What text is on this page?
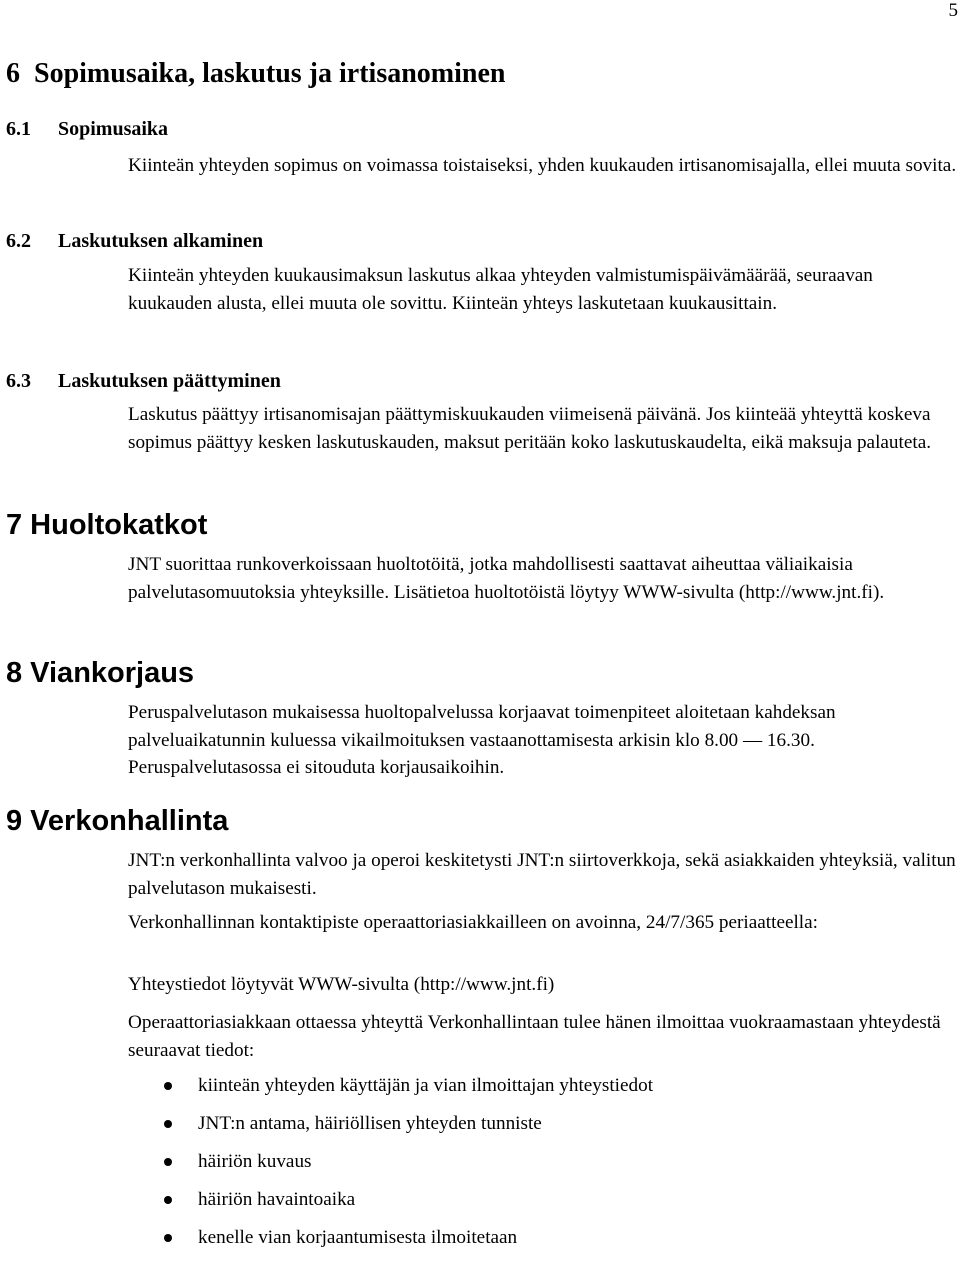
5
6 Sopimusaika, laskutus ja irtisanominen
6.1 Sopimusaika

Kiinteän yhteyden sopimus on voimassa toistaiseksi, yhden kuukauden irtisanomisajalla, ellei muuta sovita.

6.2 Laskutuksen alkaminen

Kiinteän yhteyden kuukausimaksun laskutus alkaa yhteyden valmistumispäivämäärää, seuraavan kuukauden alusta, ellei muuta ole sovittu. Kiinteän yhteys laskutetaan kuukausittain.

6.3 Laskutuksen päättyminen

Laskutus päättyy irtisanomisajan päättymiskuukauden viimeisenä päivänä. Jos kiinteää yhteyttä koskeva sopimus päättyy kesken laskutuskauden, maksut peritään koko laskutuskaudelta, eikä maksuja palauteta.

7 Huoltokatkot

JNT suorittaa runkoverkoissaan huoltotöitä, jotka mahdollisesti saattavat aiheuttaa väliaikaisia palvelutasomuutoksia yhteyksille. Lisätietoa huoltotöistä löytyy WWW-sivulta (http://www.jnt.fi).

8 Viankorjaus

Peruspalvelutason mukaisessa huoltopalvelussa korjaavat toimenpiteet aloitetaan kahdeksan palveluaikatunnin kuluessa vikailmoituksen vastaanottamisesta arkisin klo 8.00 — 16.30. Peruspalvelutasossa ei sitouduta korjausaikoihin.

9 Verkonhallinta

JNT:n verkonhallinta valvoo ja operoi keskitetysti JNT:n siirtoverkkoja, sekä asiakkaiden yhteyksiä, valitun palvelutason mukaisesti.

Verkonhallinnan kontaktipiste operaattoriasiakkailleen on avoinna, 24/7/365 periaatteella:

Yhteystiedot löytyvät WWW-sivulta (http://www.jnt.fi)

Operaattoriasiakkaan ottaessa yhteyttä Verkonhallintaan tulee hänen ilmoittaa vuokraamastaan yhteydestä seuraavat tiedot:

kiinteän yhteyden käyttäjän ja vian ilmoittajan yhteystiedot
JNT:n antama, häiriöllisen yhteyden tunniste
häiriön kuvaus
häiriön havaintoaika
kenelle vian korjaantumisesta ilmoitetaan
